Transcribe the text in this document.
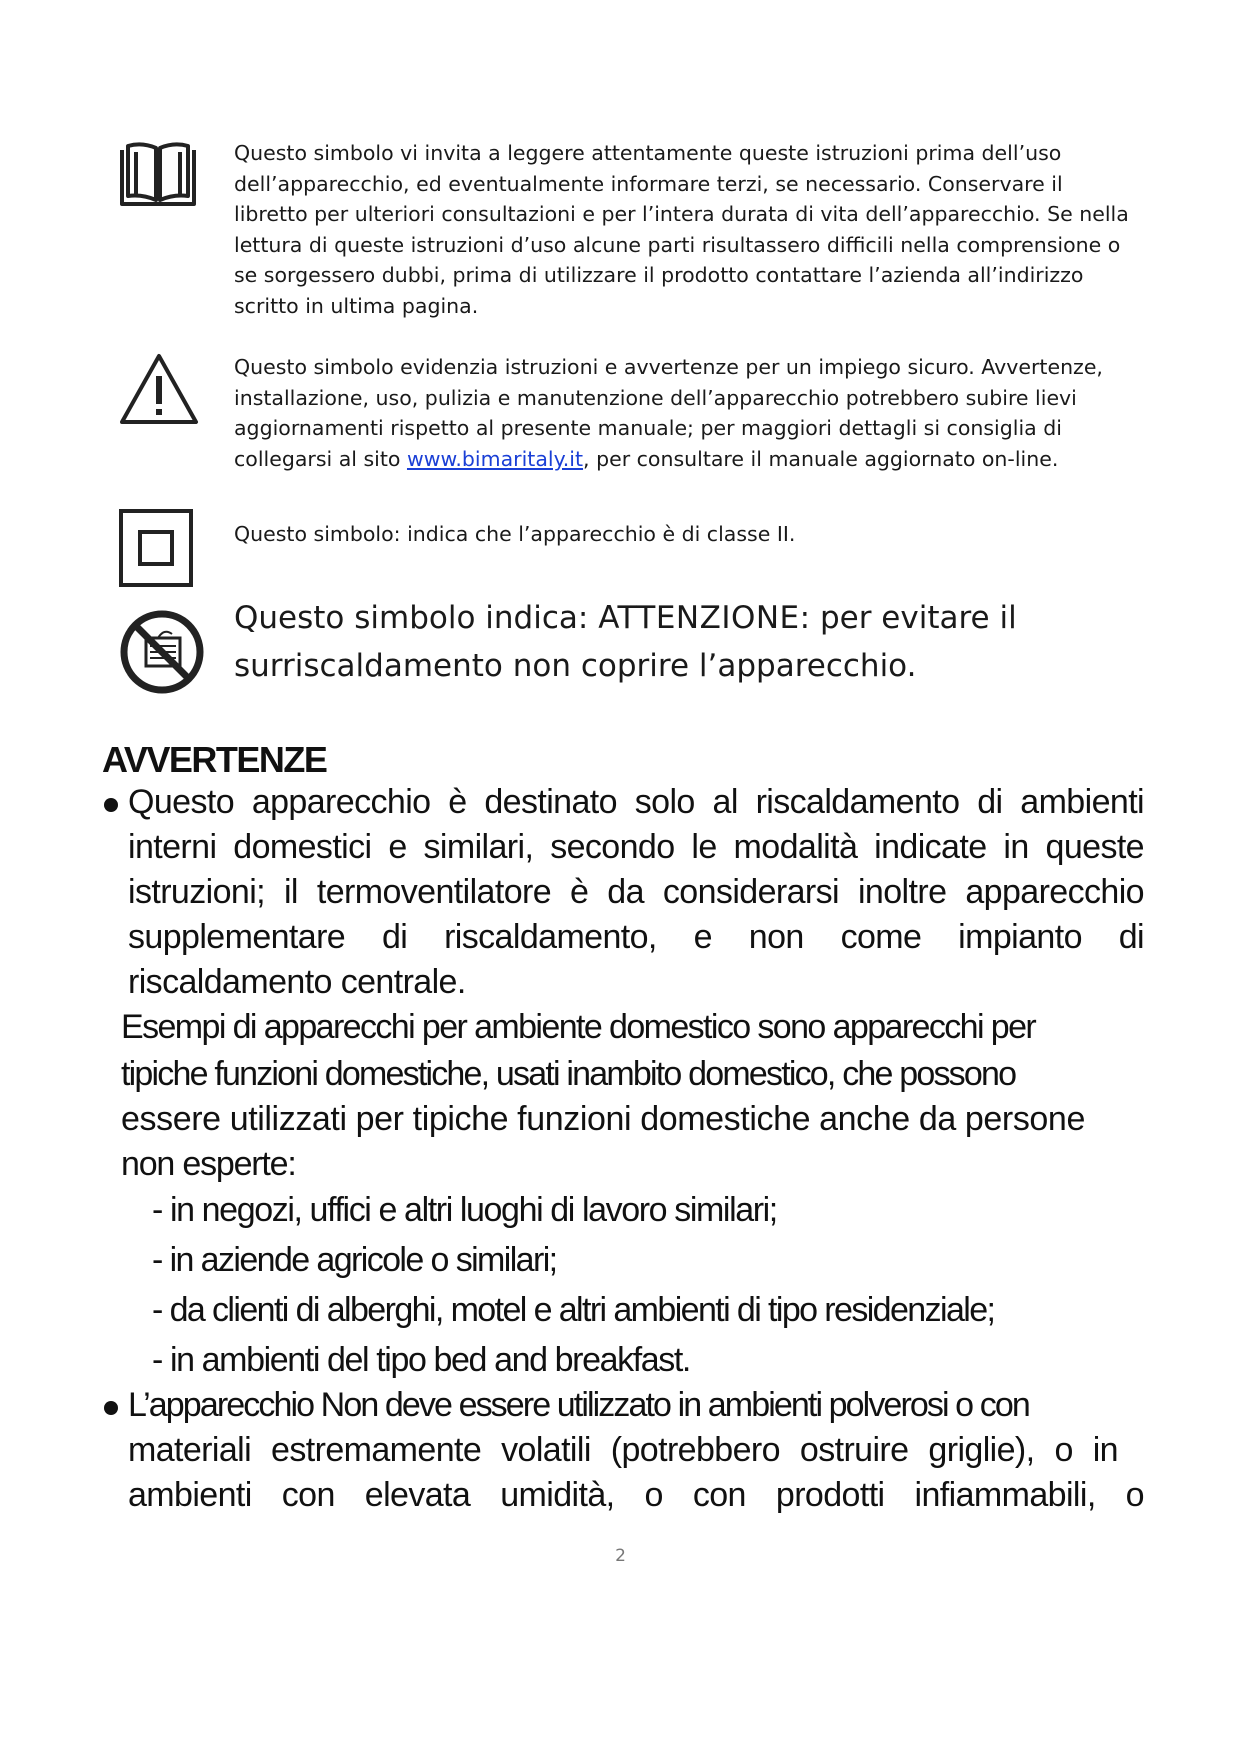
Questo simbolo vi invita a leggere attentamente queste istruzioni prima dell’uso dell’apparecchio, ed eventualmente informare terzi, se necessario. Conservare il libretto per ulteriori consultazioni e per l’intera durata di vita dell’apparecchio. Se nella lettura di queste istruzioni d’uso alcune parti risultassero difficili nella comprensione o se sorgessero dubbi, prima di utilizzare il prodotto contattare l’azienda all’indirizzo scritto in ultima pagina.

Questo simbolo evidenzia istruzioni e avvertenze per un impiego sicuro. Avvertenze, installazione, uso, pulizia e manutenzione dell’apparecchio potrebbero subire lievi aggiornamenti rispetto al presente manuale; per maggiori dettagli si consiglia di collegarsi al sito www.bimaritaly.it, per consultare il manuale aggiornato on-line.

Questo simbolo: indica che l’apparecchio è di classe II.

Questo simbolo indica: ATTENZIONE: per evitare il surriscaldamento non coprire l’apparecchio.
AVVERTENZE

Questo apparecchio è destinato solo al riscaldamento di ambienti

interni domestici e similari, secondo le modalità indicate in queste

istruzioni; il termoventilatore è da considerarsi inoltre apparecchio

supplementare di riscaldamento, e non come impianto di

riscaldamento centrale.

Esempi di apparecchi per ambiente domestico sono apparecchi per

tipiche funzioni domestiche, usati inambito domestico, che possono

essere utilizzati per tipiche funzioni domestiche anche da persone

non esperte:

- in negozi, uffici e altri luoghi di lavoro similari;

- in aziende agricole o similari;

- da clienti di alberghi, motel e altri ambienti di tipo residenziale;

- in ambienti del tipo bed and breakfast.

L’apparecchio Non deve essere utilizzato in ambienti polverosi o con

materiali estremamente volatili (potrebbero ostruire griglie), o in

ambienti con elevata umidità, o con prodotti infiammabili, o

2
